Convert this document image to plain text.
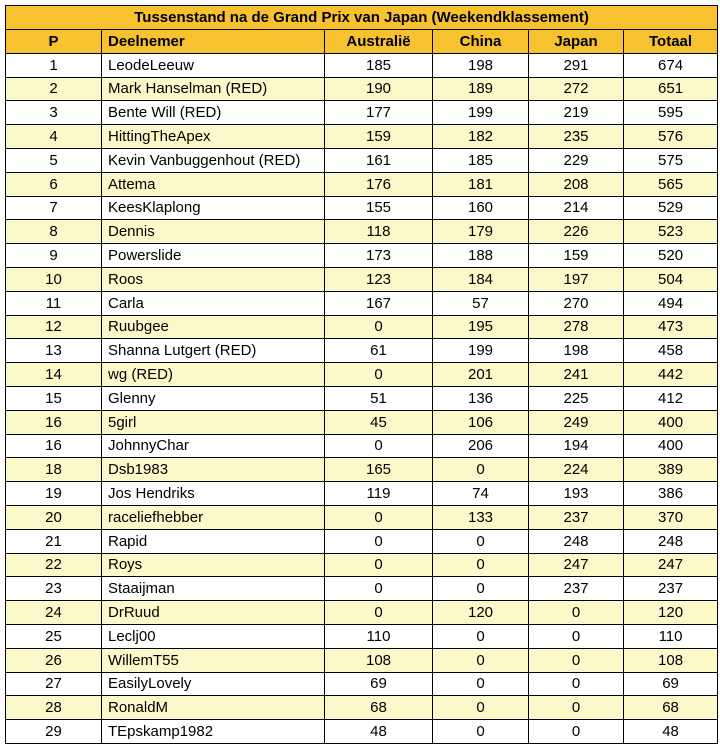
Tussenstand na de Grand Prix van Japan (Weekendklassement)					
P	Deelnemer	Australië	China	Japan	Totaal
1	LeodeLeeuw	185	198	291	674
2	Mark Hanselman (RED)	190	189	272	651
3	Bente Will (RED)	177	199	219	595
4	HittingTheApex	159	182	235	576
5	Kevin Vanbuggenhout (RED)	161	185	229	575
6	Attema	176	181	208	565
7	KeesKlaplong	155	160	214	529
8	Dennis	118	179	226	523
9	Powerslide	173	188	159	520
10	Roos	123	184	197	504
11	Carla	167	57	270	494
12	Ruubgee	0	195	278	473
13	Shanna Lutgert (RED)	61	199	198	458
14	wg (RED)	0	201	241	442
15	Glenny	51	136	225	412
16	5girl	45	106	249	400
16	JohnnyChar	0	206	194	400
18	Dsb1983	165	0	224	389
19	Jos Hendriks	119	74	193	386
20	raceliefhebber	0	133	237	370
21	Rapid	0	0	248	248
22	Roys	0	0	247	247
23	Staaijman	0	0	237	237
24	DrRuud	0	120	0	120
25	Leclj00	110	0	0	110
26	WillemT55	108	0	0	108
27	EasilyLovely	69	0	0	69
28	RonaldM	68	0	0	68
29	TEpskamp1982	48	0	0	48
